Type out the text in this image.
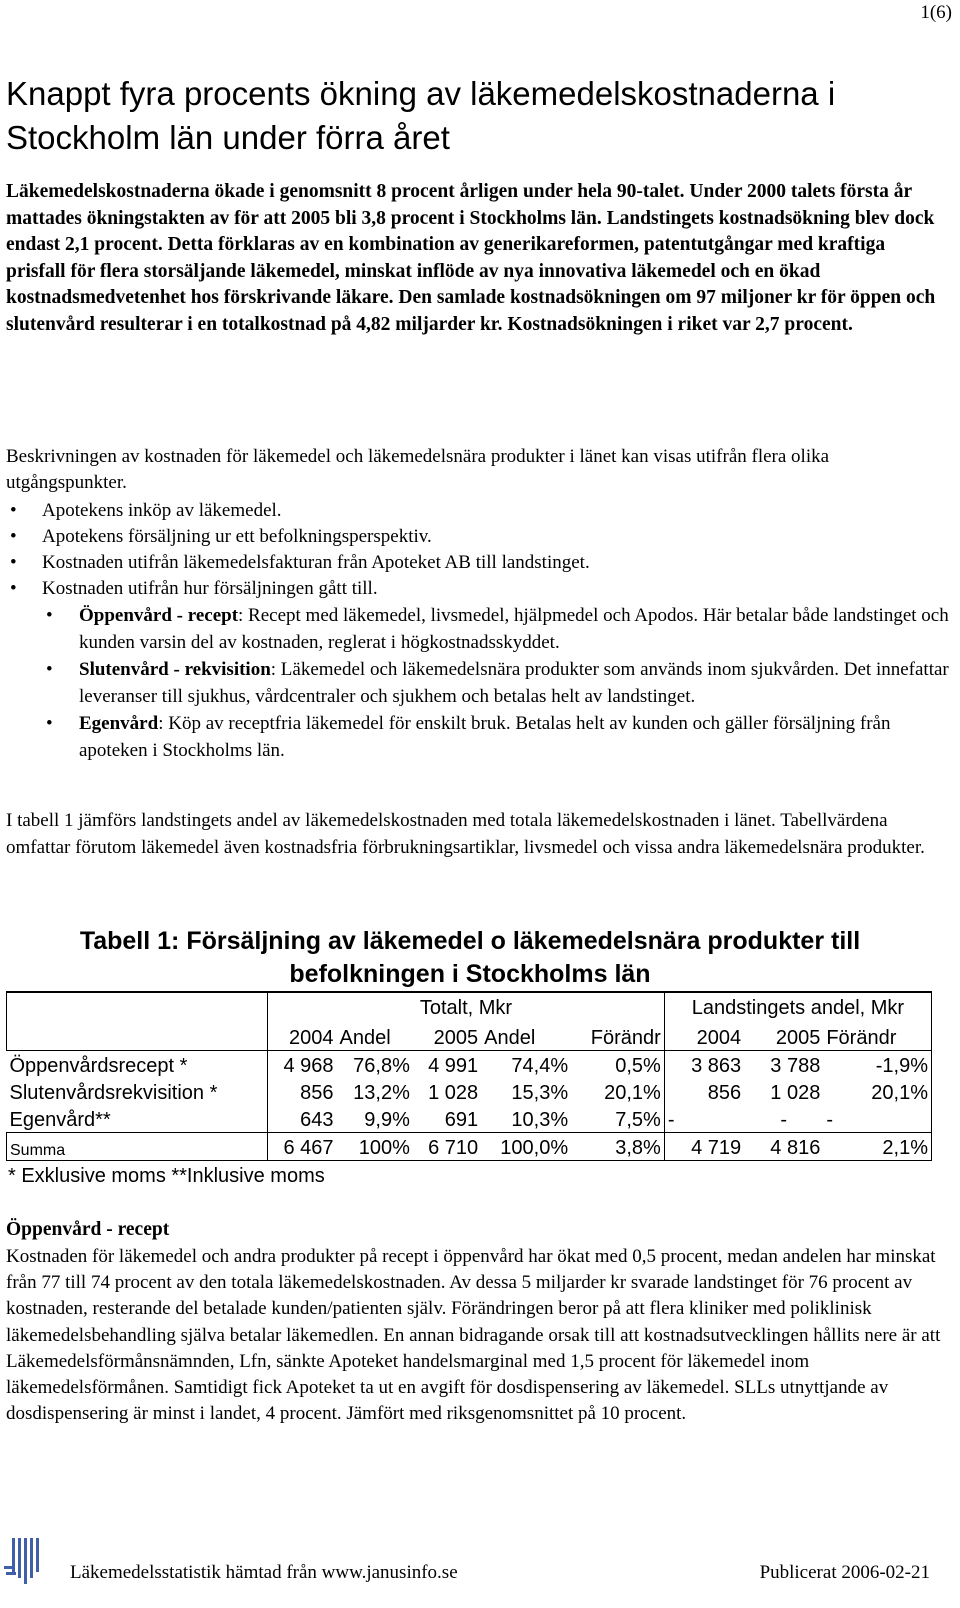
1(6)
Knappt fyra procents ökning av läkemedelskostnaderna i Stockholm län under förra året

Läkemedelskostnaderna ökade i genomsnitt 8 procent årligen under hela 90-talet. Under 2000 talets första år mattades ökningstakten av för att 2005 bli 3,8 procent i Stockholms län. Landstingets kostnadsökning blev dock endast 2,1 procent. Detta förklaras av en kombination av generikareformen, patentutgångar med kraftiga prisfall för flera storsäljande läkemedel, minskat inflöde av nya innovativa läkemedel och en ökad kostnadsmedvetenhet hos förskrivande läkare. Den samlade kostnadsökningen om 97 miljoner kr för öppen och slutenvård resulterar i en totalkostnad på 4,82 miljarder kr. Kostnadsökningen i riket var 2,7 procent.

Beskrivningen av kostnaden för läkemedel och läkemedelsnära produkter i länet kan visas utifrån flera olika utgångspunkter.

• Apotekens inköp av läkemedel.
• Apotekens försäljning ur ett befolkningsperspektiv.
• Kostnaden utifrån läkemedelsfakturan från Apoteket AB till landstinget.
• Kostnaden utifrån hur försäljningen gått till.
• Öppenvård - recept: Recept med läkemedel, livsmedel, hjälpmedel och Apodos. Här betalar både landstinget och kunden varsin del av kostnaden, reglerat i högkostnadsskyddet.
• Slutenvård - rekvisition: Läkemedel och läkemedelsnära produkter som används inom sjukvården. Det innefattar leveranser till sjukhus, vårdcentraler och sjukhem och betalas helt av landstinget.
• Egenvård: Köp av receptfria läkemedel för enskilt bruk. Betalas helt av kunden och gäller försäljning från apoteken i Stockholms län.

I tabell 1 jämförs landstingets andel av läkemedelskostnaden med totala läkemedelskostnaden i länet. Tabellvärdena omfattar förutom läkemedel även kostnadsfria förbrukningsartiklar, livsmedel och vissa andra läkemedelsnära produkter.

Tabell 1: Försäljning av läkemedel o läkemedelsnära produkter till befolkningen i Stockholms län
	Totalt, Mkr					Landstingets andel, Mkr		
	2004	Andel	2005	Andel	Förändr	2004	2005	Förändr
Öppenvårdsrecept *	4 968	76,8%	4 991	74,4%	0,5%	3 863	3 788	-1,9%
Slutenvårdsrekvisition *	856	13,2%	1 028	15,3%	20,1%	856	1 028	20,1%
Egenvård**	643	9,9%	691	10,3%	7,5%	-	-	-
Summa	6 467	100%	6 710	100,0%	3,8%	4 719	4 816	2,1%

* Exklusive moms **Inklusive moms

Öppenvård - recept

Kostnaden för läkemedel och andra produkter på recept i öppenvård har ökat med 0,5 procent, medan andelen har minskat från 77 till 74 procent av den totala läkemedelskostnaden. Av dessa 5 miljarder kr svarade landstinget för 76 procent av kostnaden, resterande del betalade kunden/patienten själv. Förändringen beror på att flera kliniker med poliklinisk läkemedelsbehandling själva betalar läkemedlen. En annan bidragande orsak till att kostnadsutvecklingen hållits nere är att Läkemedelsförmånsnämnden, Lfn, sänkte Apoteket handelsmarginal med 1,5 procent för läkemedel inom läkemedelsförmånen. Samtidigt fick Apoteket ta ut en avgift för dosdispensering av läkemedel. SLLs utnyttjande av dosdispensering är minst i landet, 4 procent. Jämfört med riksgenomsnittet på 10 procent.

Läkemedelsstatistik hämtad från www.janusinfo.se	Publicerat 2006-02-21
